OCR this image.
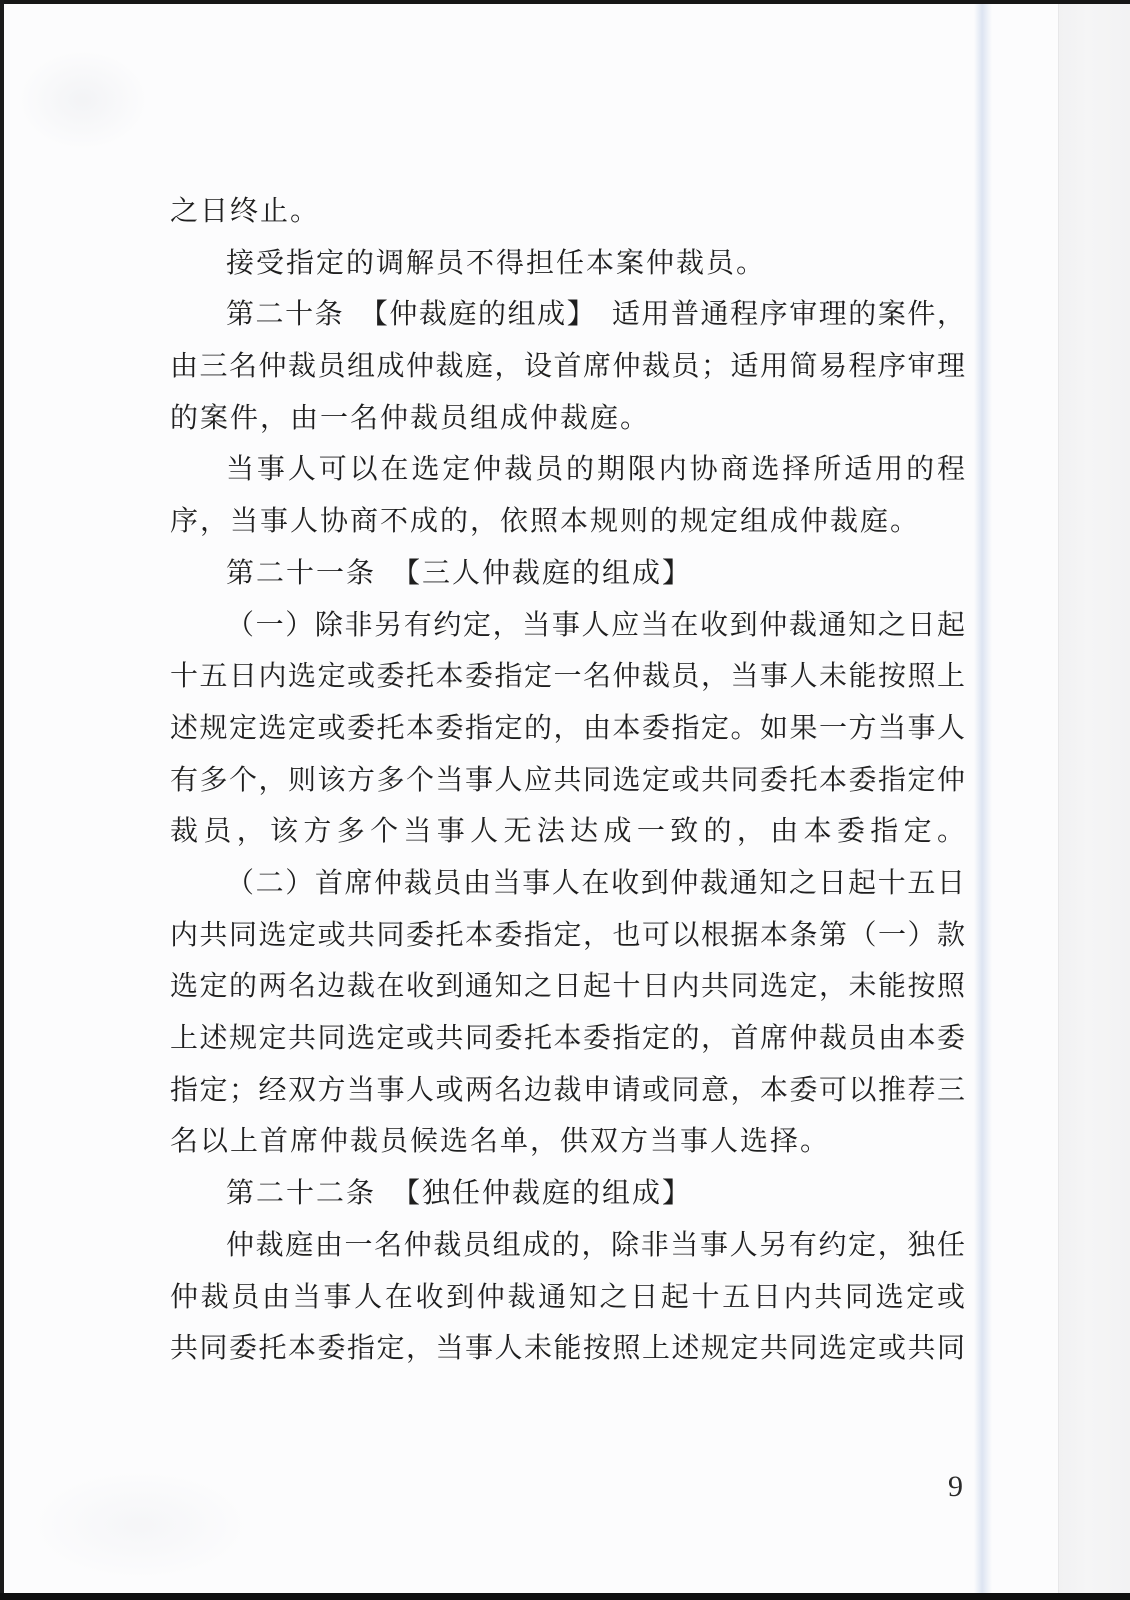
之日终止。
接受指定的调解员不得担任本案仲裁员。
第二十条　【仲裁庭的组成】　适用普通程序审理的案件，
由三名仲裁员组成仲裁庭，设首席仲裁员；适用简易程序审理
的案件，由一名仲裁员组成仲裁庭。
当事人可以在选定仲裁员的期限内协商选择所适用的程
序，当事人协商不成的，依照本规则的规定组成仲裁庭。
第二十一条　【三人仲裁庭的组成】
（一）除非另有约定，当事人应当在收到仲裁通知之日起
十五日内选定或委托本委指定一名仲裁员，当事人未能按照上
述规定选定或委托本委指定的，由本委指定。如果一方当事人
有多个，则该方多个当事人应共同选定或共同委托本委指定仲
裁员，该方多个当事人无法达成一致的，由本委指定。
（二）首席仲裁员由当事人在收到仲裁通知之日起十五日
内共同选定或共同委托本委指定，也可以根据本条第（一）款
选定的两名边裁在收到通知之日起十日内共同选定，未能按照
上述规定共同选定或共同委托本委指定的，首席仲裁员由本委
指定；经双方当事人或两名边裁申请或同意，本委可以推荐三
名以上首席仲裁员候选名单，供双方当事人选择。
第二十二条　【独任仲裁庭的组成】
仲裁庭由一名仲裁员组成的，除非当事人另有约定，独任
仲裁员由当事人在收到仲裁通知之日起十五日内共同选定或
共同委托本委指定，当事人未能按照上述规定共同选定或共同
9
